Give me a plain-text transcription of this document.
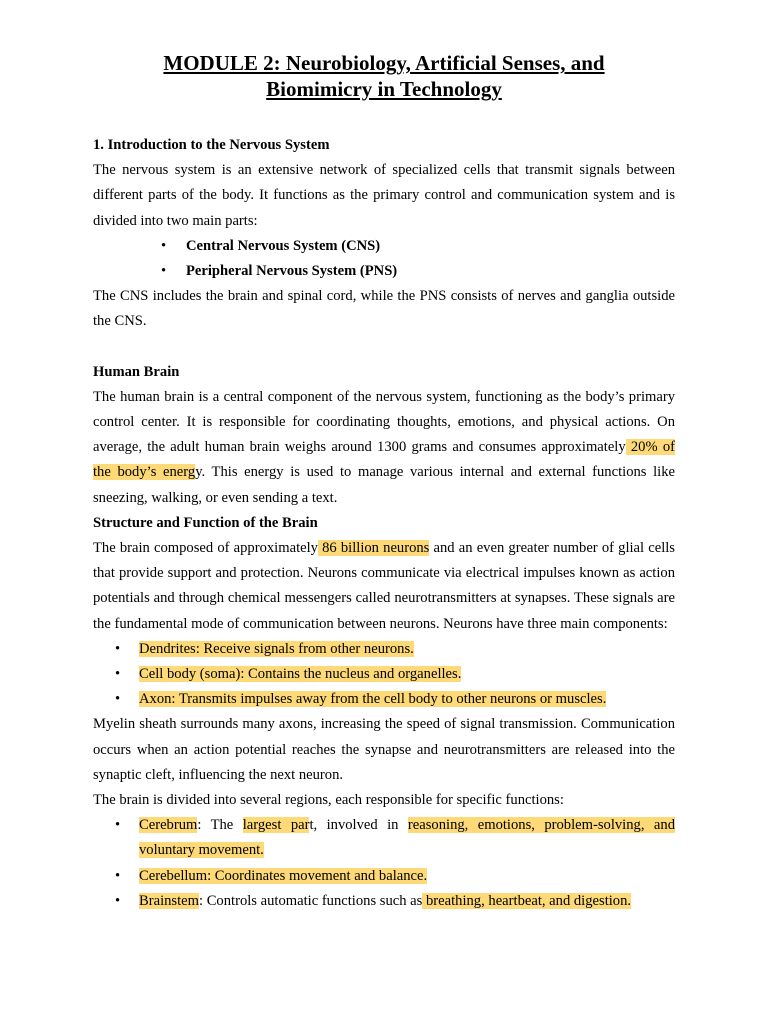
MODULE 2: Neurobiology, Artificial Senses, and
Biomimicry in Technology
1. Introduction to the Nervous System

The nervous system is an extensive network of specialized cells that transmit signals between different parts of the body. It functions as the primary control and communication system and is divided into two main parts:

• Central Nervous System (CNS)
• Peripheral Nervous System (PNS)

The CNS includes the brain and spinal cord, while the PNS consists of nerves and ganglia outside the CNS.

Human Brain

The human brain is a central component of the nervous system, functioning as the body’s primary control center. It is responsible for coordinating thoughts, emotions, and physical actions. On average, the adult human brain weighs around 1300 grams and consumes approximately 20% of the body’s energy. This energy is used to manage various internal and external functions like sneezing, walking, or even sending a text.

Structure and Function of the Brain

The brain composed of approximately 86 billion neurons and an even greater number of glial cells that provide support and protection. Neurons communicate via electrical impulses known as action potentials and through chemical messengers called neurotransmitters at synapses. These signals are the fundamental mode of communication between neurons. Neurons have three main components:

• Dendrites: Receive signals from other neurons.
• Cell body (soma): Contains the nucleus and organelles.
• Axon: Transmits impulses away from the cell body to other neurons or muscles.

Myelin sheath surrounds many axons, increasing the speed of signal transmission. Communication occurs when an action potential reaches the synapse and neurotransmitters are released into the synaptic cleft, influencing the next neuron.

The brain is divided into several regions, each responsible for specific functions:

• Cerebrum: The largest part, involved in reasoning, emotions, problem-solving, and voluntary movement.
• Cerebellum: Coordinates movement and balance.
• Brainstem: Controls automatic functions such as breathing, heartbeat, and digestion.
